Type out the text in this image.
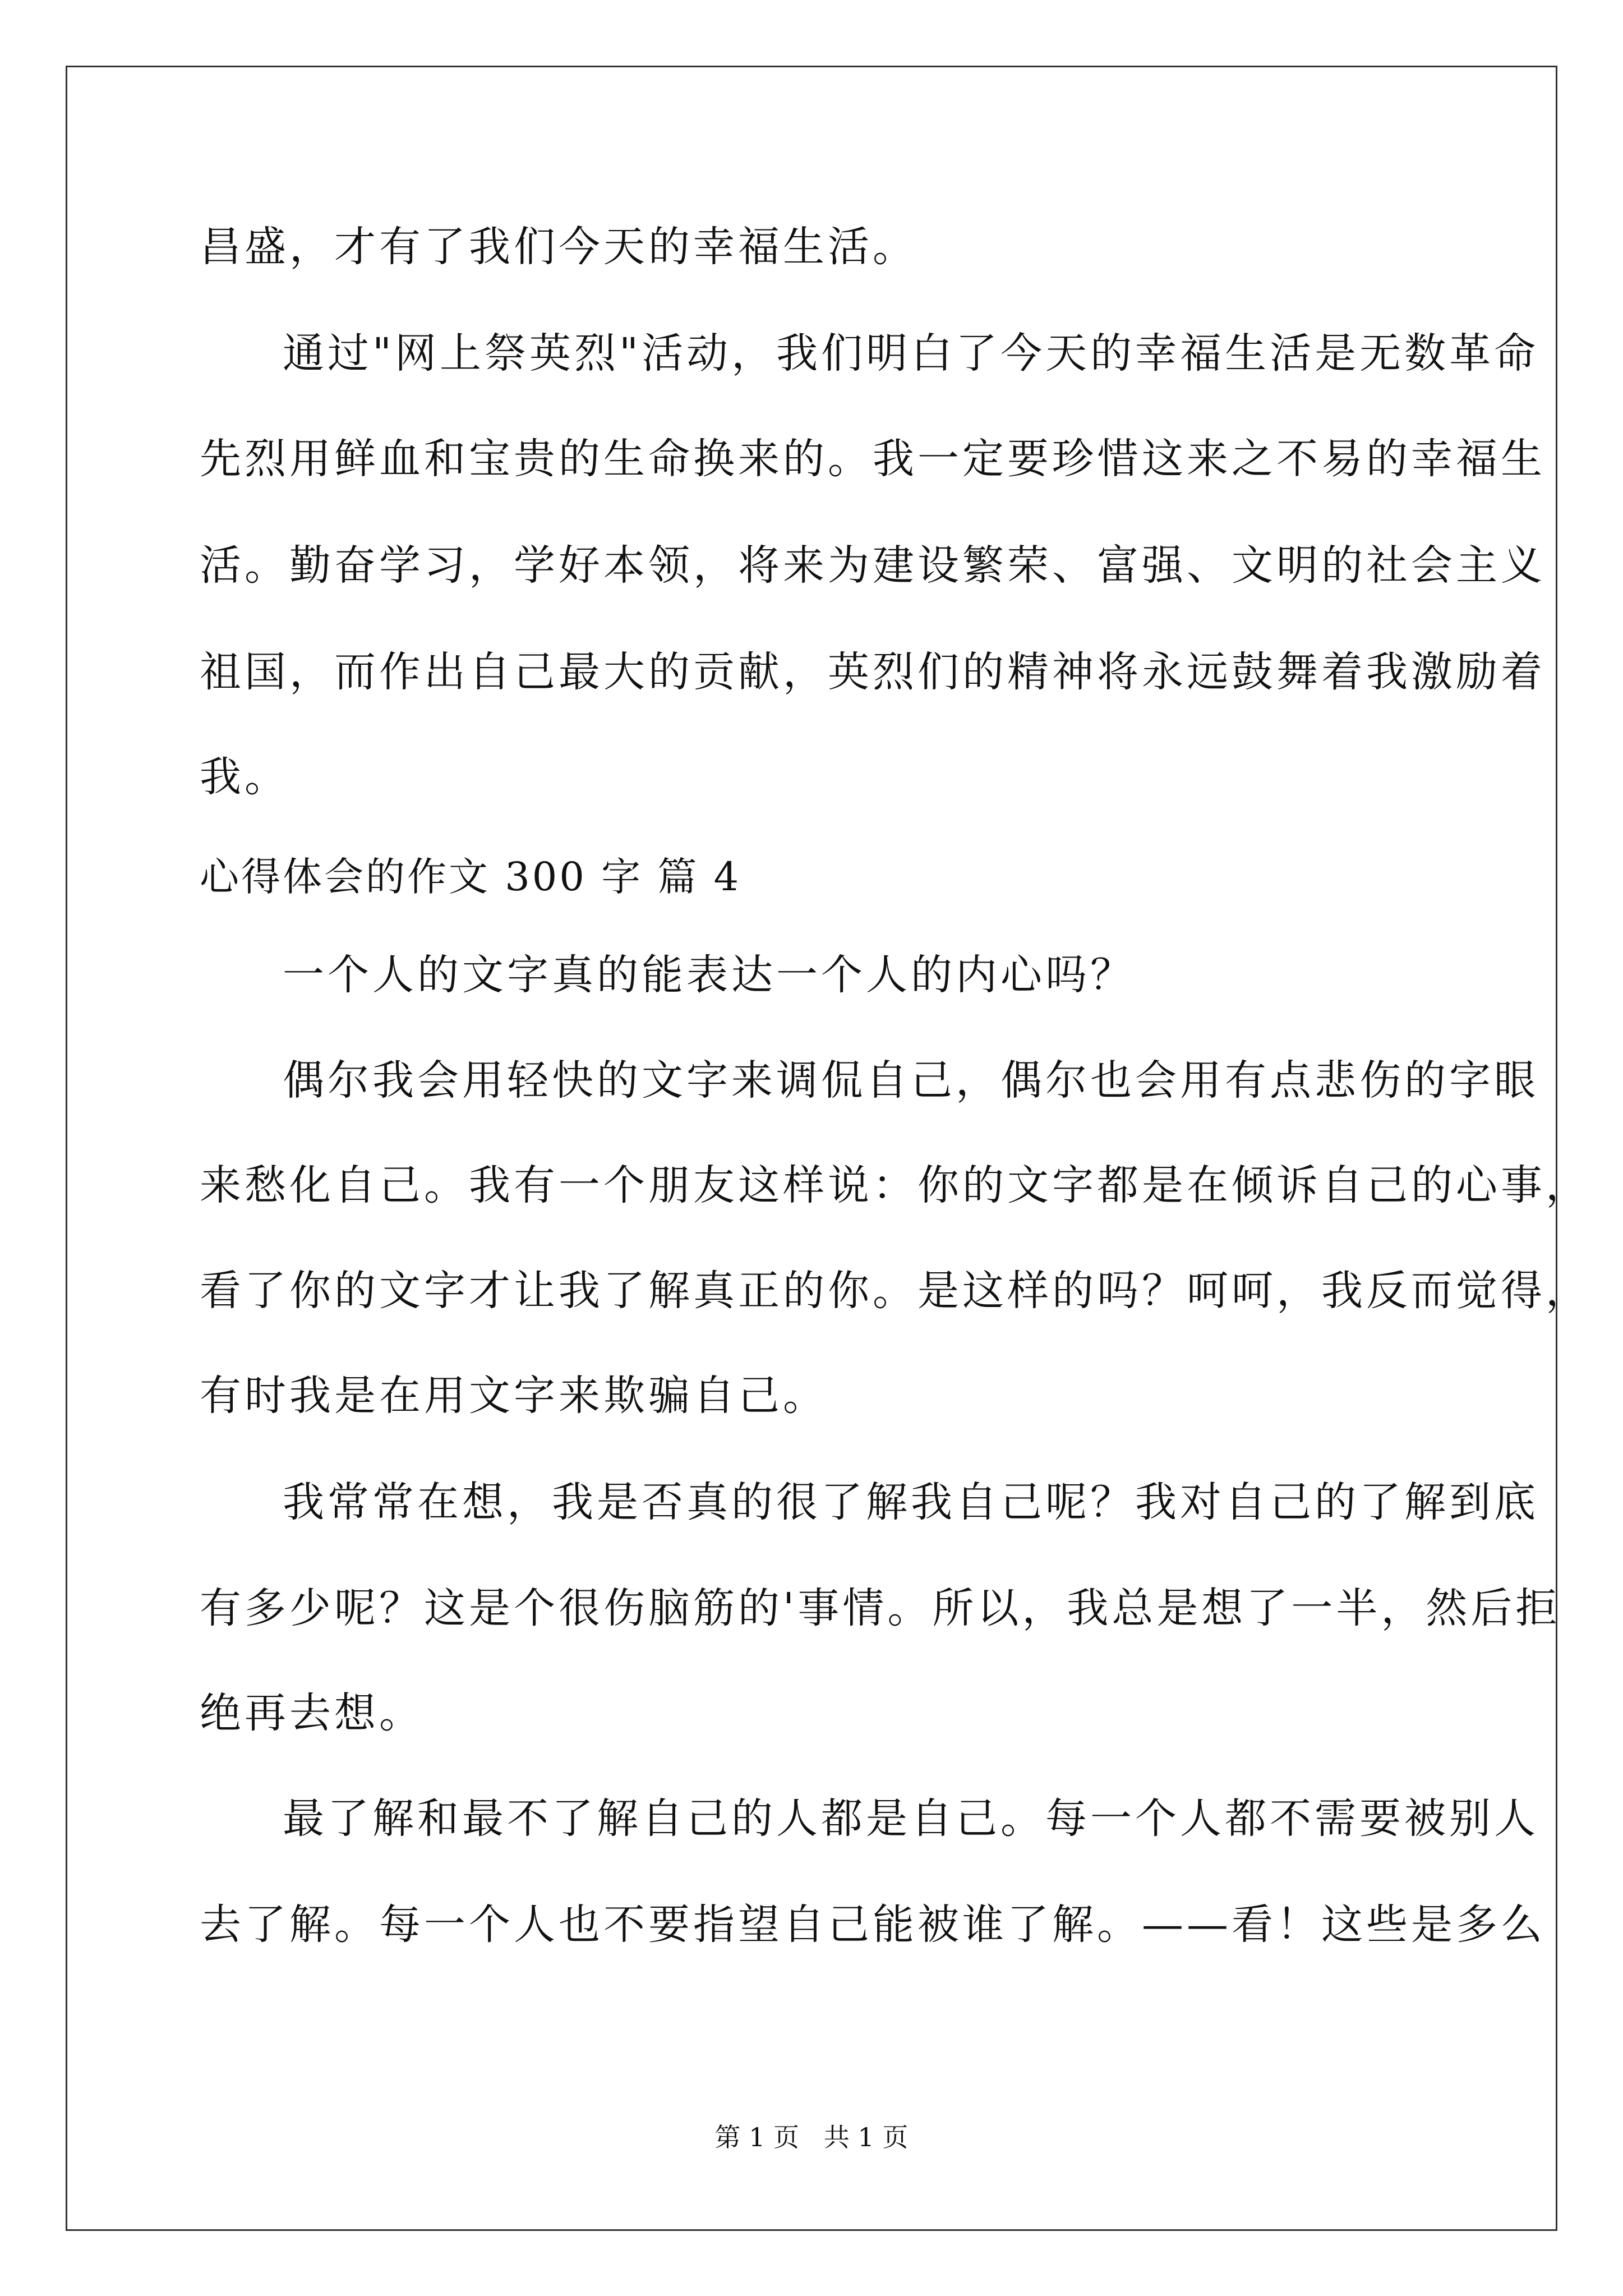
昌盛，才有了我们今天的幸福生活。
通过"网上祭英烈"活动，我们明白了今天的幸福生活是无数革命
先烈用鲜血和宝贵的生命换来的。我一定要珍惜这来之不易的幸福生
活。勤奋学习，学好本领，将来为建设繁荣、富强、文明的社会主义
祖国，而作出自己最大的贡献，英烈们的精神将永远鼓舞着我激励着
我。
心得体会的作文 300 字 篇 4
一个人的文字真的能表达一个人的内心吗？
偶尔我会用轻快的文字来调侃自己，偶尔也会用有点悲伤的字眼
来愁化自己。我有一个朋友这样说：你的文字都是在倾诉自己的心事，
看了你的文字才让我了解真正的你。是这样的吗？呵呵，我反而觉得，
有时我是在用文字来欺骗自己。
我常常在想，我是否真的很了解我自己呢？我对自己的了解到底
有多少呢？这是个很伤脑筋的'事情。所以，我总是想了一半，然后拒
绝再去想。
最了解和最不了解自己的人都是自己。每一个人都不需要被别人
去了解。每一个人也不要指望自己能被谁了解。——看！这些是多么
第 1 页   共 1 页
